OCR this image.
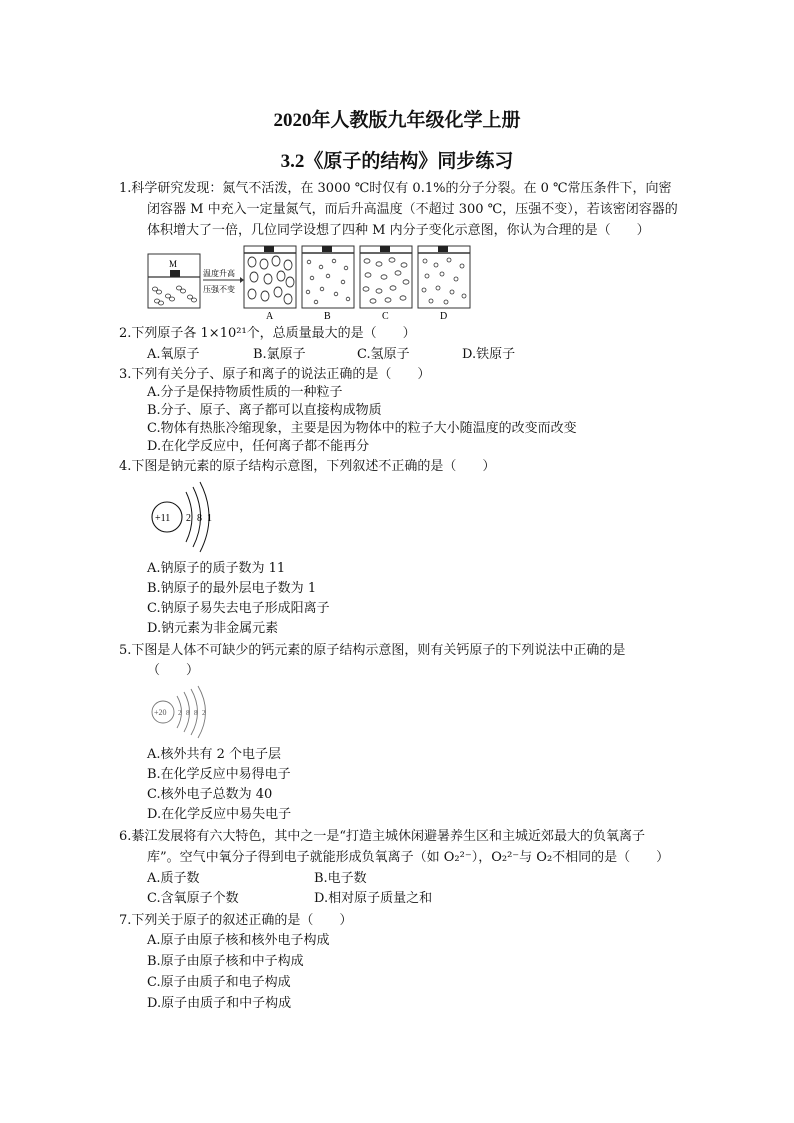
2020年人教版九年级化学上册
3.2《原子的结构》同步练习
1.科学研究发现：氮气不活泼，在 3000 ℃时仅有 0.1%的分子分裂。在 0 ℃常压条件下，向密
闭容器 M 中充入一定量氮气，而后升高温度（不超过 300 ℃，压强不变），若该密闭容器的
体积增大了一倍，几位同学设想了四种 M 内分子变化示意图，你认为合理的是（　　）
M
温度升高
压强不变
A	B	C	D
2.下列原子各 1×10²¹个，总质量最大的是（　　）
A.氧原子	B.氯原子	C.氢原子	D.铁原子
3.下列有关分子、原子和离子的说法正确的是（　　）
A.分子是保持物质性质的一种粒子
B.分子、原子、离子都可以直接构成物质
C.物体有热胀冷缩现象，主要是因为物体中的粒子大小随温度的改变而改变
D.在化学反应中，任何离子都不能再分
4.下图是钠元素的原子结构示意图，下列叙述不正确的是（　　）
+11 2 8 1
A.钠原子的质子数为 11
B.钠原子的最外层电子数为 1
C.钠原子易失去电子形成阳离子
D.钠元素为非金属元素
5.下图是人体不可缺少的钙元素的原子结构示意图，则有关钙原子的下列说法中正确的是
（　　）
+20 2 8 8 2
A.核外共有 2 个电子层
B.在化学反应中易得电子
C.核外电子总数为 40
D.在化学反应中易失电子
6.綦江发展将有六大特色，其中之一是“打造主城休闲避暑养生区和主城近郊最大的负氧离子
库”。空气中氧分子得到电子就能形成负氧离子（如 O₂²⁻），O₂²⁻与 O₂不相同的是（　　）
A.质子数	B.电子数
C.含氧原子个数	D.相对原子质量之和
7.下列关于原子的叙述正确的是（　　）
A.原子由原子核和核外电子构成
B.原子由原子核和中子构成
C.原子由质子和电子构成
D.原子由质子和中子构成
